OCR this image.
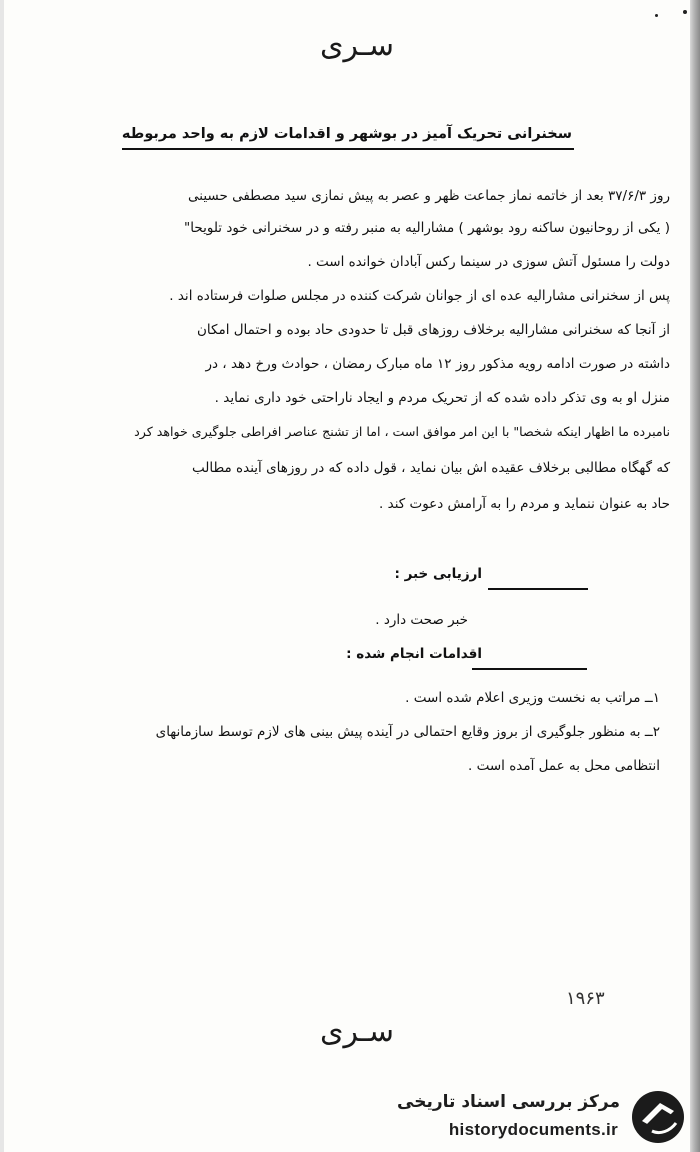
سـری
سخنرانی تحریک آمیز در بوشهر و اقدامات لازم به واحد مربوطه
روز ۳۷/۶/۳ بعد از خاتمه نماز جماعت ظهر و عصر به پیش نمازی سید مصطفی حسینی
( یکی از روحانیون ساکنه رود بوشهر ) مشارالیه به منبر رفته و در سخنرانی خود تلویحا"
دولت را مسئول آتش سوزی در سینما رکس آبادان خوانده است .
پس از سخنرانی مشارالیه عده ای از جوانان شرکت کننده در مجلس صلوات فرستاده اند .
از آنجا که سخنرانی مشارالیه برخلاف روزهای قبل تا حدودی حاد بوده و احتمال امکان
داشته در صورت ادامه رویه مذکور روز ۱۲ ماه مبارک رمضان ، حوادث ورخ دهد ، در
منزل او به وی تذکر داده شده که از تحریک مردم و ایجاد ناراحتی خود داری نماید .
نامبرده ما اظهار اینکه شخصا" با این امر موافق است ، اما از تشنج عناصر افراطی جلوگیری خواهد کرد
که گهگاه مطالبی برخلاف عقیده اش بیان نماید ، قول داده که در روزهای آینده مطالب
حاد به عنوان ننماید و مردم را به آرامش دعوت کند .
ارزیابی خبر :
خبر صحت دارد .
اقدامات انجام شده :
۱ــ مراتب به نخست وزیری اعلام شده است .
۲ــ به منظور جلوگیری از بروز وقایع احتمالی در آینده پیش بینی های لازم توسط سازمانهای
انتظامی محل به عمل آمده است .
۱۹۶۳
سـری
مرکز بررسی اسناد تاریخی
historydocuments.ir
